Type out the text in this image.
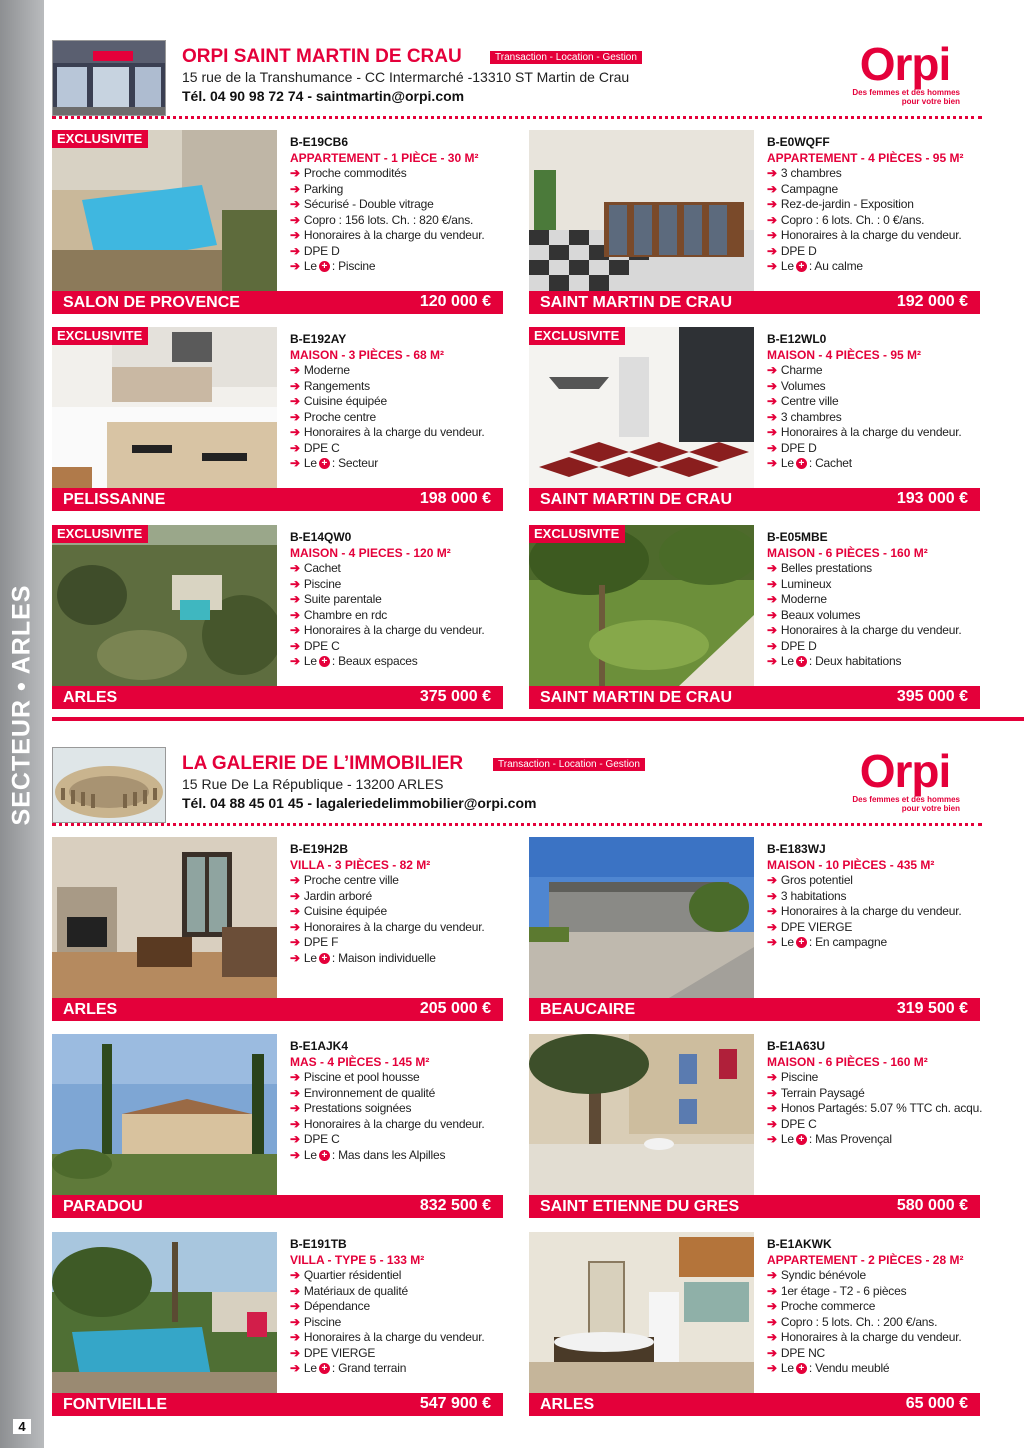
SECTEUR • ARLES
4
ORPI SAINT MARTIN DE CRAU	Transaction - Location - Gestion
15 rue de la Transhumance - CC Intermarché -13310 ST Martin de Crau
Tél. 04 90 98 72 74 - saintmartin@orpi.com
Orpi
Des femmes et des hommes
pour votre bien
EXCLUSIVITE	B-E19CB6
APPARTEMENT - 1 PIÈCE - 30 M²
➔ Proche commodités
➔ Parking
➔ Sécurisé - Double vitrage
➔ Copro : 156 lots. Ch. : 820 €/ans.
➔ Honoraires à la charge du vendeur.
➔ DPE D
➔ Le + : Piscine
SALON DE PROVENCE	120 000 €
B-E0WQFF
APPARTEMENT - 4 PIÈCES - 95 M²
➔ 3 chambres
➔ Campagne
➔ Rez-de-jardin - Exposition
➔ Copro : 6 lots. Ch. : 0 €/ans.
➔ Honoraires à la charge du vendeur.
➔ DPE D
➔ Le + : Au calme
SAINT MARTIN DE CRAU	192 000 €
EXCLUSIVITE	B-E192AY
MAISON - 3 PIÈCES - 68 M²
➔ Moderne
➔ Rangements
➔ Cuisine équipée
➔ Proche centre
➔ Honoraires à la charge du vendeur.
➔ DPE C
➔ Le + : Secteur
PELISSANNE	198 000 €
EXCLUSIVITE	B-E12WL0
MAISON - 4 PIÈCES - 95 M²
➔ Charme
➔ Volumes
➔ Centre ville
➔ 3 chambres
➔ Honoraires à la charge du vendeur.
➔ DPE D
➔ Le + : Cachet
SAINT MARTIN DE CRAU	193 000 €
EXCLUSIVITE	B-E14QW0
MAISON - 4 PIECES - 120 M²
➔ Cachet
➔ Piscine
➔ Suite parentale
➔ Chambre en rdc
➔ Honoraires à la charge du vendeur.
➔ DPE C
➔ Le + : Beaux espaces
ARLES	375 000 €
EXCLUSIVITE	B-E05MBE
MAISON - 6 PIÈCES - 160 M²
➔ Belles prestations
➔ Lumineux
➔ Moderne
➔ Beaux volumes
➔ Honoraires à la charge du vendeur.
➔ DPE D
➔ Le + : Deux habitations
SAINT MARTIN DE CRAU	395 000 €
LA GALERIE DE L’IMMOBILIER	Transaction - Location - Gestion
15 Rue De La République - 13200 ARLES
Tél. 04 88 45 01 45 - lagaleriedelimmobilier@orpi.com
Orpi
Des femmes et des hommes
pour votre bien
B-E19H2B
VILLA - 3 PIÈCES - 82 M²
➔ Proche centre ville
➔ Jardin arboré
➔ Cuisine équipée
➔ Honoraires à la charge du vendeur.
➔ DPE F
➔ Le + : Maison individuelle
ARLES	205 000 €
B-E183WJ
MAISON - 10 PIÈCES - 435 M²
➔ Gros potentiel
➔ 3 habitations
➔ Honoraires à la charge du vendeur.
➔ DPE VIERGE
➔ Le + : En campagne
BEAUCAIRE	319 500 €
B-E1AJK4
MAS - 4 PIÈCES - 145 M²
➔ Piscine et pool housse
➔ Environnement de qualité
➔ Prestations soignées
➔ Honoraires à la charge du vendeur.
➔ DPE C
➔ Le + : Mas dans les Alpilles
PARADOU	832 500 €
B-E1A63U
MAISON - 6 PIÈCES - 160 M²
➔ Piscine
➔ Terrain Paysagé
➔ Honos Partagés: 5.07 % TTC ch. acqu.
➔ DPE C
➔ Le + : Mas Provençal
SAINT ETIENNE DU GRES	580 000 €
B-E191TB
VILLA - TYPE 5 - 133 M²
➔ Quartier résidentiel
➔ Matériaux de qualité
➔ Dépendance
➔ Piscine
➔ Honoraires à la charge du vendeur.
➔ DPE VIERGE
➔ Le + : Grand terrain
FONTVIEILLE	547 900 €
B-E1AKWK
APPARTEMENT - 2 PIÈCES - 28 M²
➔ Syndic bénévole
➔ 1er étage - T2 - 6 pièces
➔ Proche commerce
➔ Copro : 5 lots. Ch. : 200 €/ans.
➔ Honoraires à la charge du vendeur.
➔ DPE NC
➔ Le + : Vendu meublé
ARLES	65 000 €
